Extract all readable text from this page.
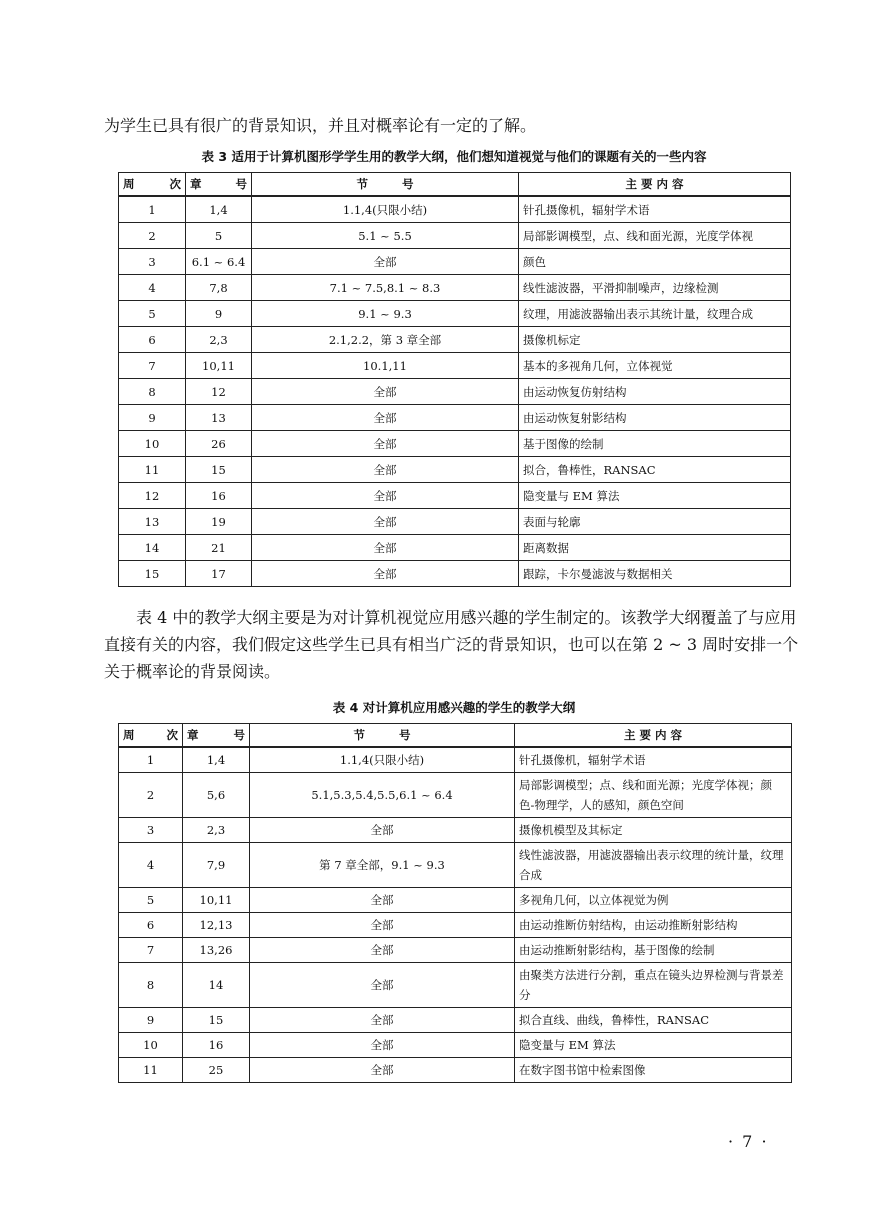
为学生已具有很广的背景知识，并且对概率论有一定的了解。

表 3 适用于计算机图形学学生用的教学大纲，他们想知道视觉与他们的课题有关的一些内容

周 次	章 号	节 号	主 要 内 容
1	1,4	1.1,4(只限小结)	针孔摄像机，辐射学术语
2	5	5.1 ~ 5.5	局部影调模型，点、线和面光源，光度学体视
3	6.1 ~ 6.4	全部	颜色
4	7,8	7.1 ~ 7.5,8.1 ~ 8.3	线性滤波器，平滑抑制噪声，边缘检测
5	9	9.1 ~ 9.3	纹理，用滤波器输出表示其统计量，纹理合成
6	2,3	2.1,2.2，第 3 章全部	摄像机标定
7	10,11	10.1,11	基本的多视角几何，立体视觉
8	12	全部	由运动恢复仿射结构
9	13	全部	由运动恢复射影结构
10	26	全部	基于图像的绘制
11	15	全部	拟合，鲁棒性，RANSAC
12	16	全部	隐变量与 EM 算法
13	19	全部	表面与轮廓
14	21	全部	距离数据
15	17	全部	跟踪，卡尔曼滤波与数据相关

表 4 中的教学大纲主要是为对计算机视觉应用感兴趣的学生制定的。该教学大纲覆盖了与应用直接有关的内容，我们假定这些学生已具有相当广泛的背景知识，也可以在第 2 ~ 3 周时安排一个关于概率论的背景阅读。

表 4 对计算机应用感兴趣的学生的教学大纲

周 次	章 号	节 号	主 要 内 容
1	1,4	1.1,4(只限小结)	针孔摄像机，辐射学术语
2	5,6	5.1,5.3,5.4,5.5,6.1 ~ 6.4	局部影调模型；点、线和面光源；光度学体视；颜色-物理学，人的感知，颜色空间
3	2,3	全部	摄像机模型及其标定
4	7,9	第 7 章全部，9.1 ~ 9.3	线性滤波器，用滤波器输出表示纹理的统计量，纹理合成
5	10,11	全部	多视角几何，以立体视觉为例
6	12,13	全部	由运动推断仿射结构，由运动推断射影结构
7	13,26	全部	由运动推断射影结构，基于图像的绘制
8	14	全部	由聚类方法进行分割，重点在镜头边界检测与背景差分
9	15	全部	拟合直线、曲线，鲁棒性，RANSAC
10	16	全部	隐变量与 EM 算法
11	25	全部	在数字图书馆中检索图像
· 7 ·
